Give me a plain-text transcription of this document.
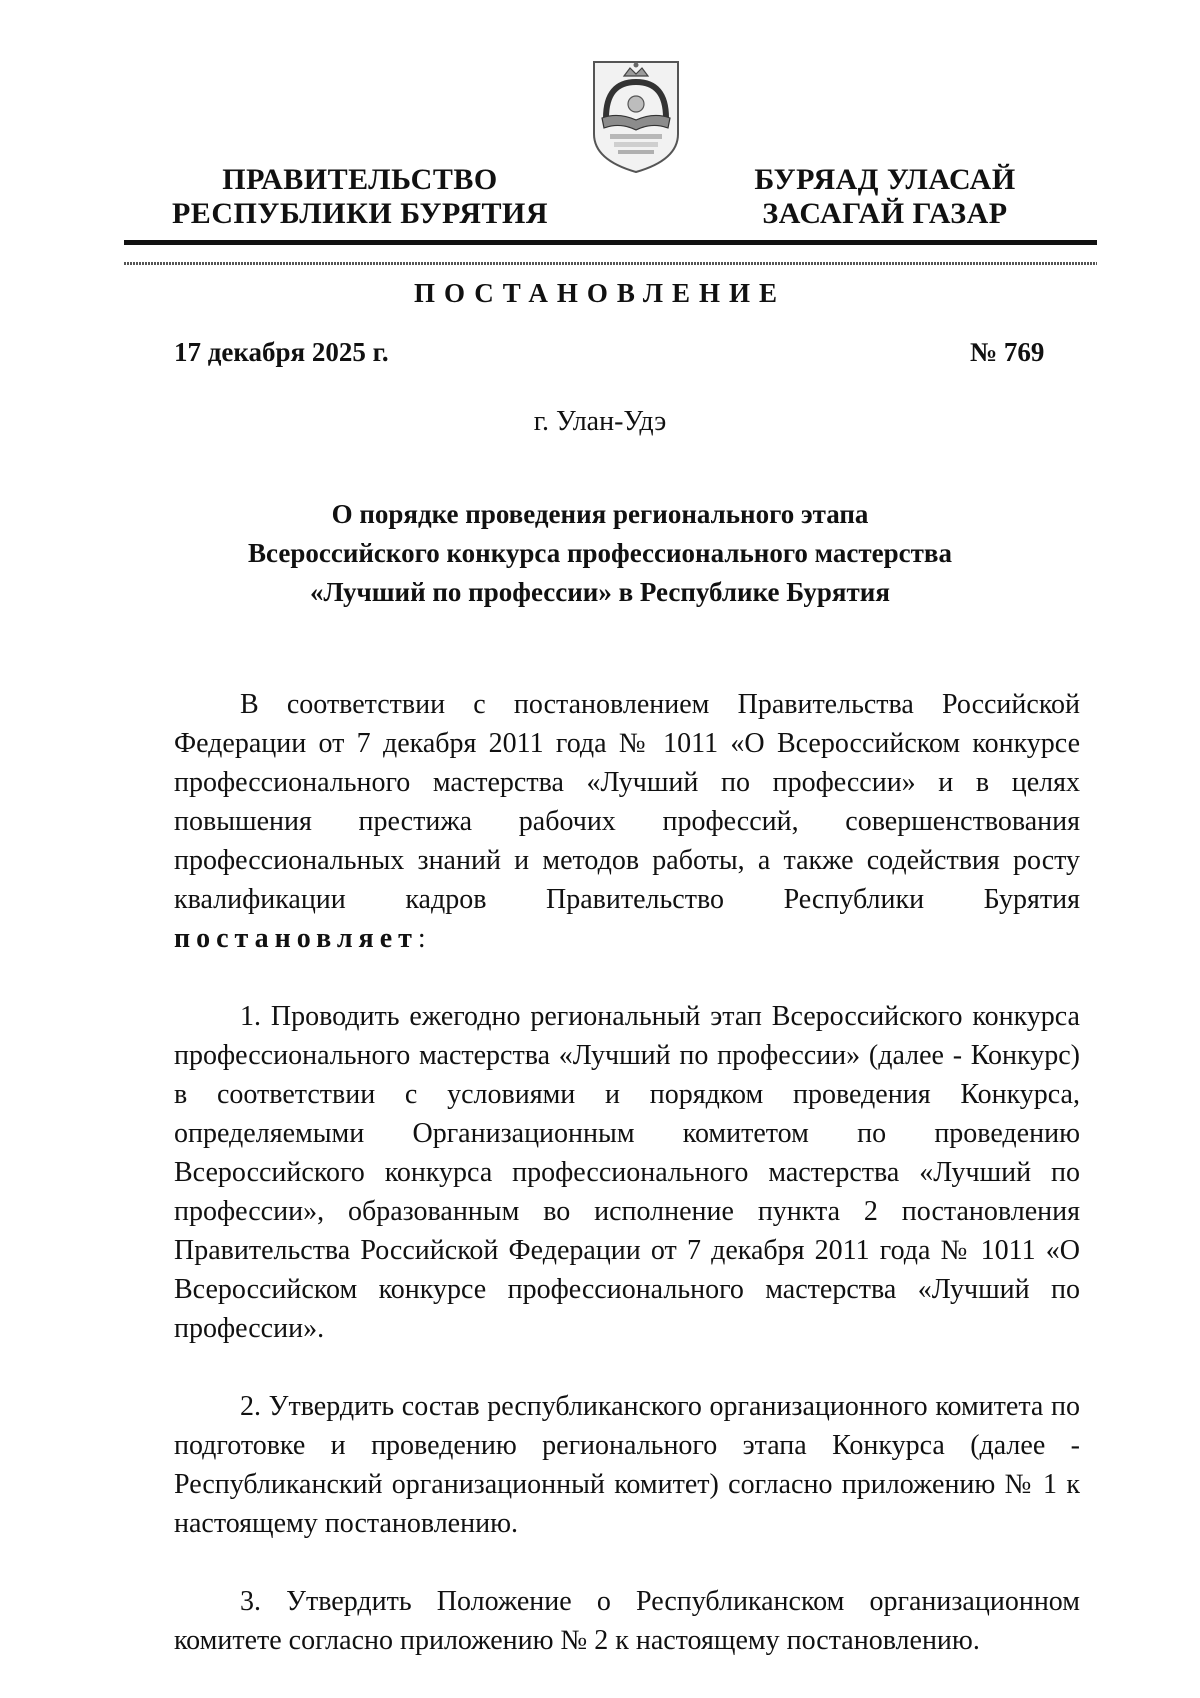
ПРАВИТЕЛЬСТВО
РЕСПУБЛИКИ БУРЯТИЯ
БУРЯАД УЛАСАЙ
ЗАСАГАЙ ГАЗАР
ПОСТАНОВЛЕНИЕ
17 декабря 2025 г.	№ 769
г. Улан-Удэ
О порядке проведения регионального этапа
Всероссийского конкурса профессионального мастерства
«Лучший по профессии» в Республике Бурятия

В соответствии с постановлением Правительства Российской Федерации от 7 декабря 2011 года № 1011 «О Всероссийском конкурсе профессионального мастерства «Лучший по профессии» и в целях повышения престижа рабочих профессий, совершенствования профессиональных знаний и методов работы, а также содействия росту квалификации кадров Правительство Республики Бурятия постановляет:

1. Проводить ежегодно региональный этап Всероссийского конкурса профессионального мастерства «Лучший по профессии» (далее - Конкурс) в соответствии с условиями и порядком проведения Конкурса, определяемыми Организационным комитетом по проведению Всероссийского конкурса профессионального мастерства «Лучший по профессии», образованным во исполнение пункта 2 постановления Правительства Российской Федерации от 7 декабря 2011 года № 1011 «О Всероссийском конкурсе профессионального мастерства «Лучший по профессии».

2. Утвердить состав республиканского организационного комитета по подготовке и проведению регионального этапа Конкурса (далее - Республиканский организационный комитет) согласно приложению № 1 к настоящему постановлению.

3. Утвердить Положение о Республиканском организационном комитете согласно приложению № 2 к настоящему постановлению.
